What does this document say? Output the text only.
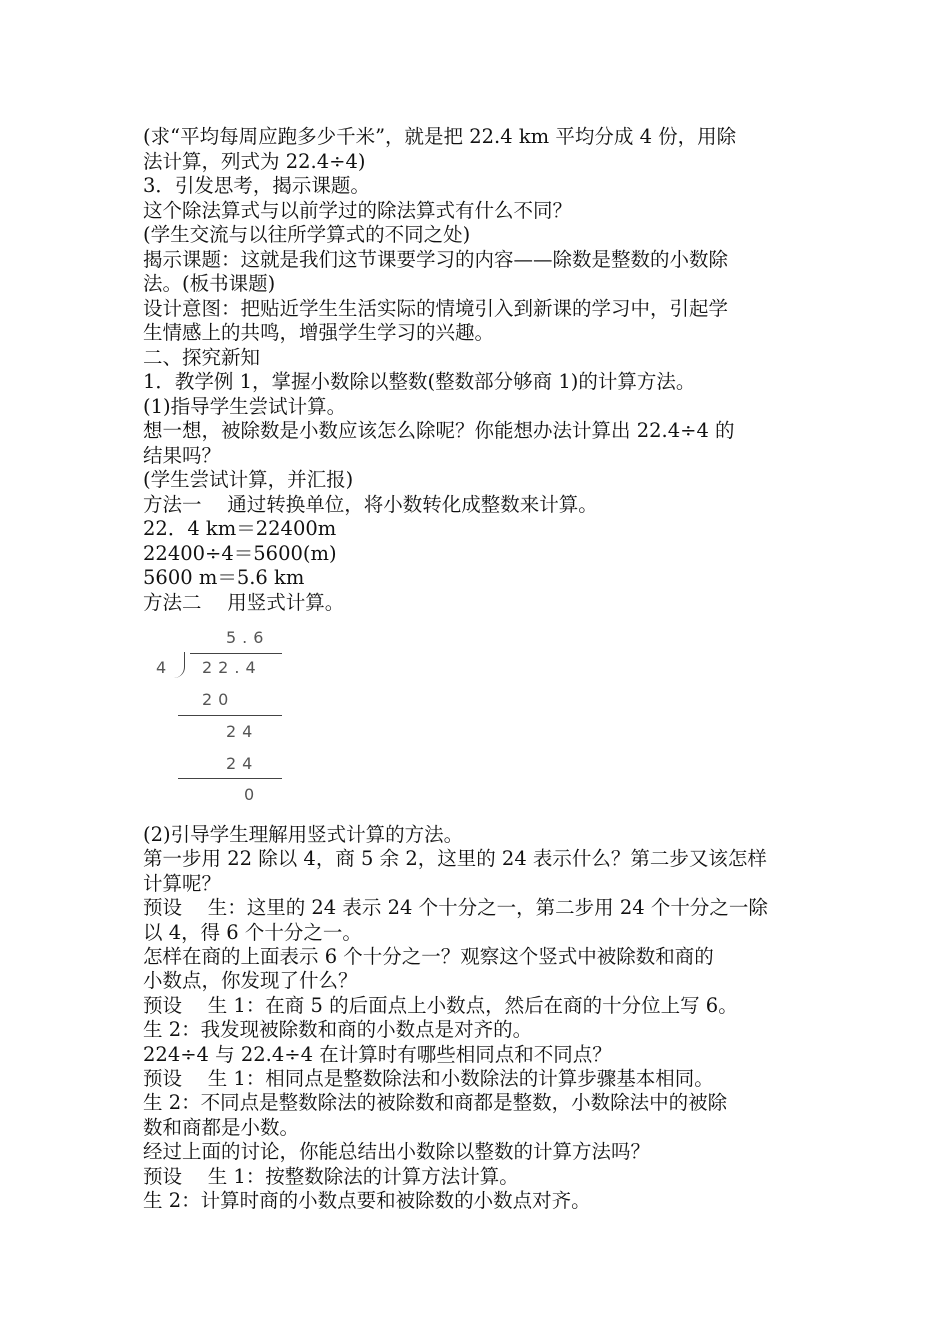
(求“平均每周应跑多少千米”，就是把 22.4 km 平均分成 4 份，用除
法计算，列式为 22.4÷4)
3．引发思考，揭示课题。
这个除法算式与以前学过的除法算式有什么不同？
(学生交流与以往所学算式的不同之处)
揭示课题：这就是我们这节课要学习的内容——除数是整数的小数除
法。(板书课题)
设计意图：把贴近学生生活实际的情境引入到新课的学习中，引起学
生情感上的共鸣，增强学生学习的兴趣。
二、探究新知
1．教学例 1，掌握小数除以整数(整数部分够商 1)的计算方法。
(1)指导学生尝试计算。
想一想，被除数是小数应该怎么除呢？你能想办法计算出 22.4÷4 的
结果吗？
(学生尝试计算，并汇报)
方法一　 通过转换单位，将小数转化成整数来计算。
22．4 km＝22400m
22400÷4＝5600(m)
5600 m＝5.6 km
方法二　 用竖式计算。
5.6
4 22.4
20
24
24
0
(2)引导学生理解用竖式计算的方法。
第一步用 22 除以 4，商 5 余 2，这里的 24 表示什么？第二步又该怎样
计算呢？
预设　 生：这里的 24 表示 24 个十分之一，第二步用 24 个十分之一除
以 4，得 6 个十分之一。
怎样在商的上面表示 6 个十分之一？观察这个竖式中被除数和商的
小数点，你发现了什么？
预设　 生 1：在商 5 的后面点上小数点，然后在商的十分位上写 6。
生 2：我发现被除数和商的小数点是对齐的。
224÷4 与 22.4÷4 在计算时有哪些相同点和不同点？
预设　 生 1：相同点是整数除法和小数除法的计算步骤基本相同。
生 2：不同点是整数除法的被除数和商都是整数，小数除法中的被除
数和商都是小数。
经过上面的讨论，你能总结出小数除以整数的计算方法吗？
预设　 生 1：按整数除法的计算方法计算。
生 2：计算时商的小数点要和被除数的小数点对齐。
